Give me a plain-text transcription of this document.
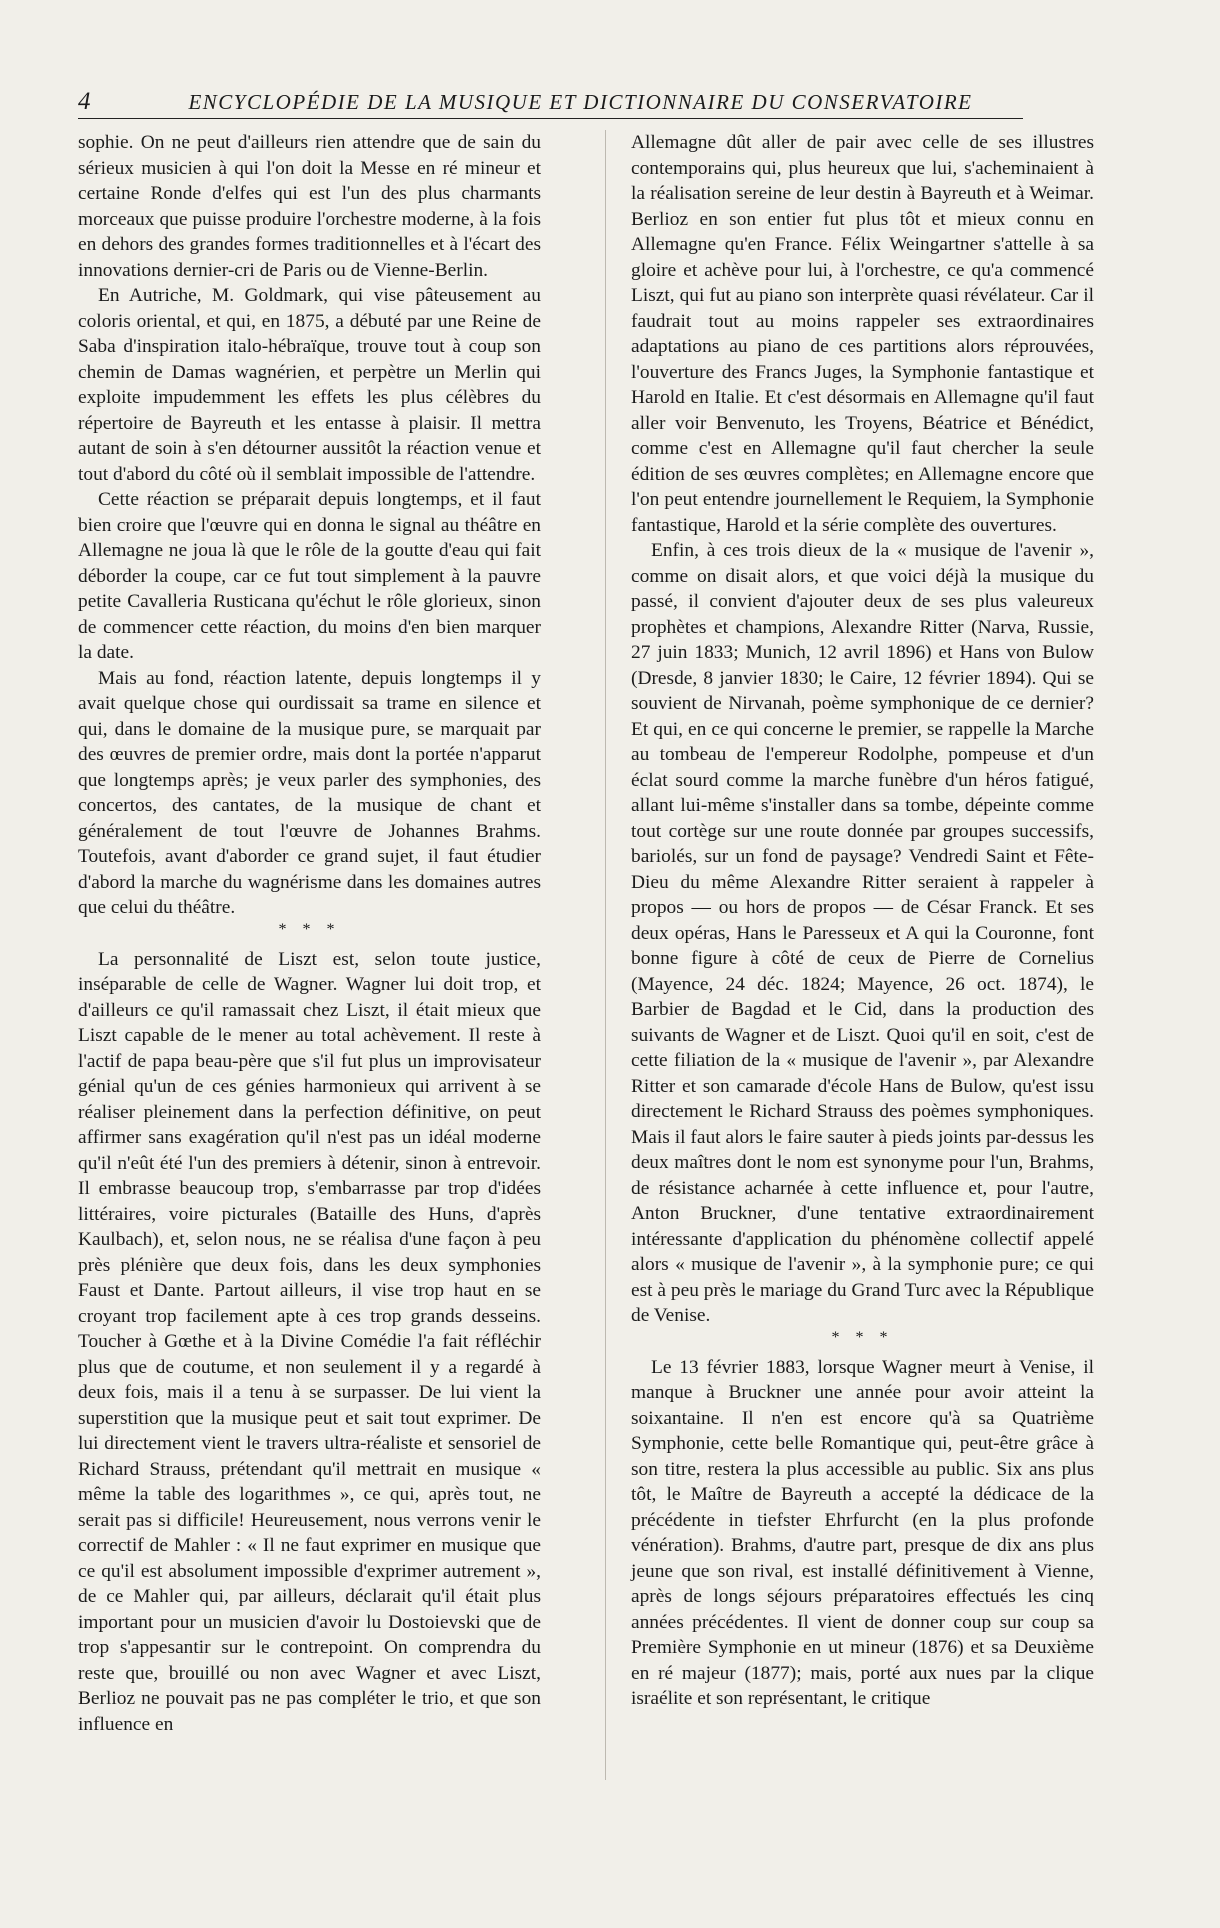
4	ENCYCLOPÉDIE DE LA MUSIQUE ET DICTIONNAIRE DU CONSERVATOIRE

sophie. On ne peut d'ailleurs rien attendre que de sain du sérieux musicien à qui l'on doit la Messe en ré mineur et certaine Ronde d'elfes qui est l'un des plus charmants morceaux que puisse produire l'orchestre moderne, à la fois en dehors des grandes formes traditionnelles et à l'écart des innovations dernier-cri de Paris ou de Vienne-Berlin.

En Autriche, M. Goldmark, qui vise pâteusement au coloris oriental, et qui, en 1875, a débuté par une Reine de Saba d'inspiration italo-hébraïque, trouve tout à coup son chemin de Damas wagnérien, et perpètre un Merlin qui exploite impudemment les effets les plus célèbres du répertoire de Bayreuth et les entasse à plaisir. Il mettra autant de soin à s'en détourner aussitôt la réaction venue et tout d'abord du côté où il semblait impossible de l'attendre.

Cette réaction se préparait depuis longtemps, et il faut bien croire que l'œuvre qui en donna le signal au théâtre en Allemagne ne joua là que le rôle de la goutte d'eau qui fait déborder la coupe, car ce fut tout simplement à la pauvre petite Cavalleria Rusticana qu'échut le rôle glorieux, sinon de commencer cette réaction, du moins d'en bien marquer la date.

Mais au fond, réaction latente, depuis longtemps il y avait quelque chose qui ourdissait sa trame en silence et qui, dans le domaine de la musique pure, se marquait par des œuvres de premier ordre, mais dont la portée n'apparut que longtemps après; je veux parler des symphonies, des concertos, des cantates, de la musique de chant et généralement de tout l'œuvre de Johannes Brahms. Toutefois, avant d'aborder ce grand sujet, il faut étudier d'abord la marche du wagnérisme dans les domaines autres que celui du théâtre.

* * *

La personnalité de Liszt est, selon toute justice, inséparable de celle de Wagner. Wagner lui doit trop, et d'ailleurs ce qu'il ramassait chez Liszt, il était mieux que Liszt capable de le mener au total achèvement. Il reste à l'actif de papa beau-père que s'il fut plus un improvisateur génial qu'un de ces génies harmonieux qui arrivent à se réaliser pleinement dans la perfection définitive, on peut affirmer sans exagération qu'il n'est pas un idéal moderne qu'il n'eût été l'un des premiers à détenir, sinon à entrevoir. Il embrasse beaucoup trop, s'embarrasse par trop d'idées littéraires, voire picturales (Bataille des Huns, d'après Kaulbach), et, selon nous, ne se réalisa d'une façon à peu près plénière que deux fois, dans les deux symphonies Faust et Dante. Partout ailleurs, il vise trop haut en se croyant trop facilement apte à ces trop grands desseins. Toucher à Gœthe et à la Divine Comédie l'a fait réfléchir plus que de coutume, et non seulement il y a regardé à deux fois, mais il a tenu à se surpasser. De lui vient la superstition que la musique peut et sait tout exprimer. De lui directement vient le travers ultra-réaliste et sensoriel de Richard Strauss, prétendant qu'il mettrait en musique « même la table des logarithmes », ce qui, après tout, ne serait pas si difficile! Heureusement, nous verrons venir le correctif de Mahler : « Il ne faut exprimer en musique que ce qu'il est absolument impossible d'exprimer autrement », de ce Mahler qui, par ailleurs, déclarait qu'il était plus important pour un musicien d'avoir lu Dostoievski que de trop s'appesantir sur le contrepoint. On comprendra du reste que, brouillé ou non avec Wagner et avec Liszt, Berlioz ne pouvait pas ne pas compléter le trio, et que son influence en

Allemagne dût aller de pair avec celle de ses illustres contemporains qui, plus heureux que lui, s'acheminaient à la réalisation sereine de leur destin à Bayreuth et à Weimar. Berlioz en son entier fut plus tôt et mieux connu en Allemagne qu'en France. Félix Weingartner s'attelle à sa gloire et achève pour lui, à l'orchestre, ce qu'a commencé Liszt, qui fut au piano son interprète quasi révélateur. Car il faudrait tout au moins rappeler ses extraordinaires adaptations au piano de ces partitions alors réprouvées, l'ouverture des Francs Juges, la Symphonie fantastique et Harold en Italie. Et c'est désormais en Allemagne qu'il faut aller voir Benvenuto, les Troyens, Béatrice et Bénédict, comme c'est en Allemagne qu'il faut chercher la seule édition de ses œuvres complètes; en Allemagne encore que l'on peut entendre journellement le Requiem, la Symphonie fantastique, Harold et la série complète des ouvertures.

Enfin, à ces trois dieux de la « musique de l'avenir », comme on disait alors, et que voici déjà la musique du passé, il convient d'ajouter deux de ses plus valeureux prophètes et champions, Alexandre Ritter (Narva, Russie, 27 juin 1833; Munich, 12 avril 1896) et Hans von Bulow (Dresde, 8 janvier 1830; le Caire, 12 février 1894). Qui se souvient de Nirvanah, poème symphonique de ce dernier? Et qui, en ce qui concerne le premier, se rappelle la Marche au tombeau de l'empereur Rodolphe, pompeuse et d'un éclat sourd comme la marche funèbre d'un héros fatigué, allant lui-même s'installer dans sa tombe, dépeinte comme tout cortège sur une route donnée par groupes successifs, bariolés, sur un fond de paysage? Vendredi Saint et Fête-Dieu du même Alexandre Ritter seraient à rappeler à propos — ou hors de propos — de César Franck. Et ses deux opéras, Hans le Paresseux et A qui la Couronne, font bonne figure à côté de ceux de Pierre de Cornelius (Mayence, 24 déc. 1824; Mayence, 26 oct. 1874), le Barbier de Bagdad et le Cid, dans la production des suivants de Wagner et de Liszt. Quoi qu'il en soit, c'est de cette filiation de la « musique de l'avenir », par Alexandre Ritter et son camarade d'école Hans de Bulow, qu'est issu directement le Richard Strauss des poèmes symphoniques. Mais il faut alors le faire sauter à pieds joints par-dessus les deux maîtres dont le nom est synonyme pour l'un, Brahms, de résistance acharnée à cette influence et, pour l'autre, Anton Bruckner, d'une tentative extraordinairement intéressante d'application du phénomène collectif appelé alors « musique de l'avenir », à la symphonie pure; ce qui est à peu près le mariage du Grand Turc avec la République de Venise.

* * *

Le 13 février 1883, lorsque Wagner meurt à Venise, il manque à Bruckner une année pour avoir atteint la soixantaine. Il n'en est encore qu'à sa Quatrième Symphonie, cette belle Romantique qui, peut-être grâce à son titre, restera la plus accessible au public. Six ans plus tôt, le Maître de Bayreuth a accepté la dédicace de la précédente in tiefster Ehrfurcht (en la plus profonde vénération). Brahms, d'autre part, presque de dix ans plus jeune que son rival, est installé définitivement à Vienne, après de longs séjours préparatoires effectués les cinq années précédentes. Il vient de donner coup sur coup sa Première Symphonie en ut mineur (1876) et sa Deuxième en ré majeur (1877); mais, porté aux nues par la clique israélite et son représentant, le critique
